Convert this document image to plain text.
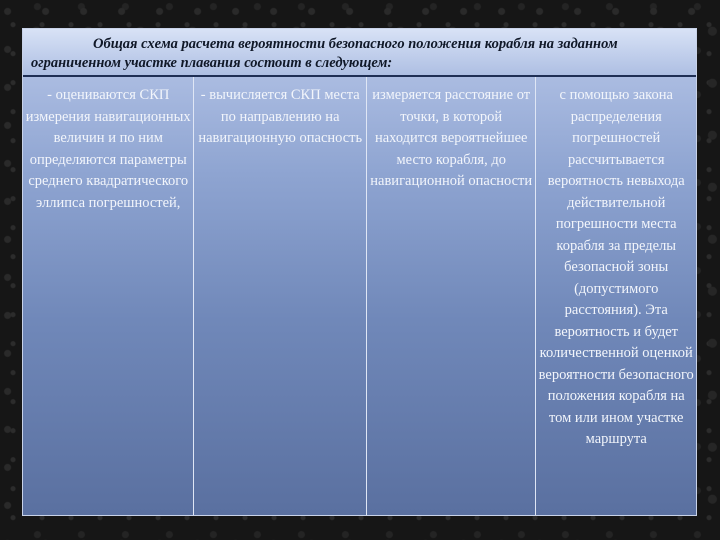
Общая схема расчета вероятности безопасного положения корабля на заданном ограниченном участке плавания состоит в следующем:

- оцениваются СКП измерения навигационных величин и по ним определяются параметры среднего квадратического эллипса погрешностей,

- вычисляется СКП места по направлению на навигационную опасность

измеряется расстояние от точки, в которой находится вероятнейшее место корабля, до навигационной опасности

с помощью закона распределения погрешностей рассчитывается вероятность невыхода действительной погрешности места корабля за пределы безопасной зоны (допустимого расстояния). Эта вероятность и будет количественной оценкой вероятности безопасного положения корабля на том или ином участке маршрута
